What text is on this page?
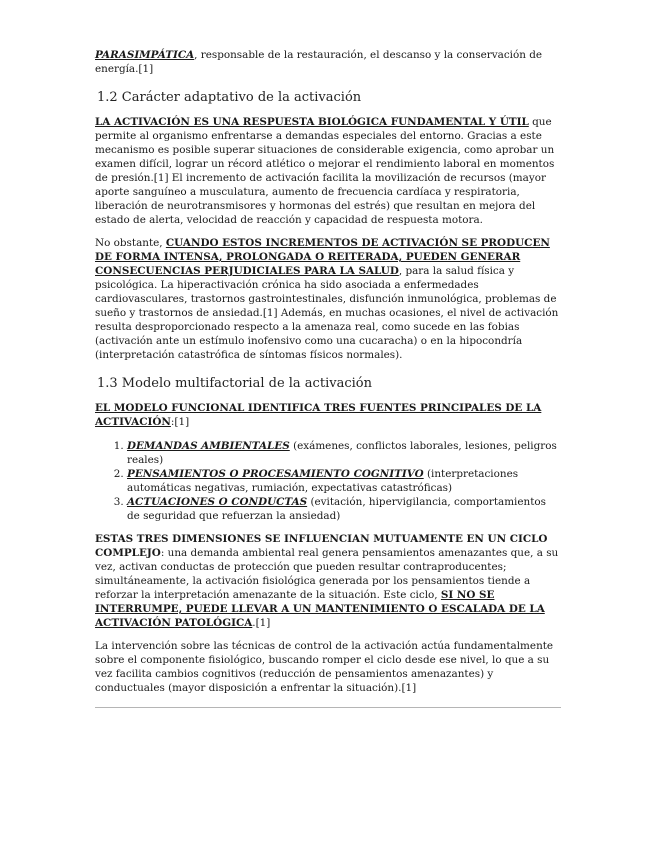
PARASIMPÁTICA, responsable de la restauración, el descanso y la conservación de energía.[1]

1.2 Carácter adaptativo de la activación

LA ACTIVACIÓN ES UNA RESPUESTA BIOLÓGICA FUNDAMENTAL Y ÚTIL que permite al organismo enfrentarse a demandas especiales del entorno. Gracias a este mecanismo es posible superar situaciones de considerable exigencia, como aprobar un examen difícil, lograr un récord atlético o mejorar el rendimiento laboral en momentos de presión.[1] El incremento de activación facilita la movilización de recursos (mayor aporte sanguíneo a musculatura, aumento de frecuencia cardíaca y respiratoria, liberación de neurotransmisores y hormonas del estrés) que resultan en mejora del estado de alerta, velocidad de reacción y capacidad de respuesta motora.

No obstante, CUANDO ESTOS INCREMENTOS DE ACTIVACIÓN SE PRODUCEN DE FORMA INTENSA, PROLONGADA O REITERADA, PUEDEN GENERAR CONSECUENCIAS PERJUDICIALES PARA LA SALUD, para la salud física y psicológica. La hiperactivación crónica ha sido asociada a enfermedades cardiovasculares, trastornos gastrointestinales, disfunción inmunológica, problemas de sueño y trastornos de ansiedad.[1] Además, en muchas ocasiones, el nivel de activación resulta desproporcionado respecto a la amenaza real, como sucede en las fobias (activación ante un estímulo inofensivo como una cucaracha) o en la hipocondría (interpretación catastrófica de síntomas físicos normales).

1.3 Modelo multifactorial de la activación

EL MODELO FUNCIONAL IDENTIFICA TRES FUENTES PRINCIPALES DE LA ACTIVACIÓN:[1]

1. DEMANDAS AMBIENTALES (exámenes, conflictos laborales, lesiones, peligros reales)
2. PENSAMIENTOS O PROCESAMIENTO COGNITIVO (interpretaciones automáticas negativas, rumiación, expectativas catastróficas)
3. ACTUACIONES O CONDUCTAS (evitación, hipervigilancia, comportamientos de seguridad que refuerzan la ansiedad)

ESTAS TRES DIMENSIONES SE INFLUENCIAN MUTUAMENTE EN UN CICLO COMPLEJO: una demanda ambiental real genera pensamientos amenazantes que, a su vez, activan conductas de protección que pueden resultar contraproducentes; simultáneamente, la activación fisiológica generada por los pensamientos tiende a reforzar la interpretación amenazante de la situación. Este ciclo, SI NO SE INTERRUMPE, PUEDE LLEVAR A UN MANTENIMIENTO O ESCALADA DE LA ACTIVACIÓN PATOLÓGICA.[1]

La intervención sobre las técnicas de control de la activación actúa fundamentalmente sobre el componente fisiológico, buscando romper el ciclo desde ese nivel, lo que a su vez facilita cambios cognitivos (reducción de pensamientos amenazantes) y conductuales (mayor disposición a enfrentar la situación).[1]
